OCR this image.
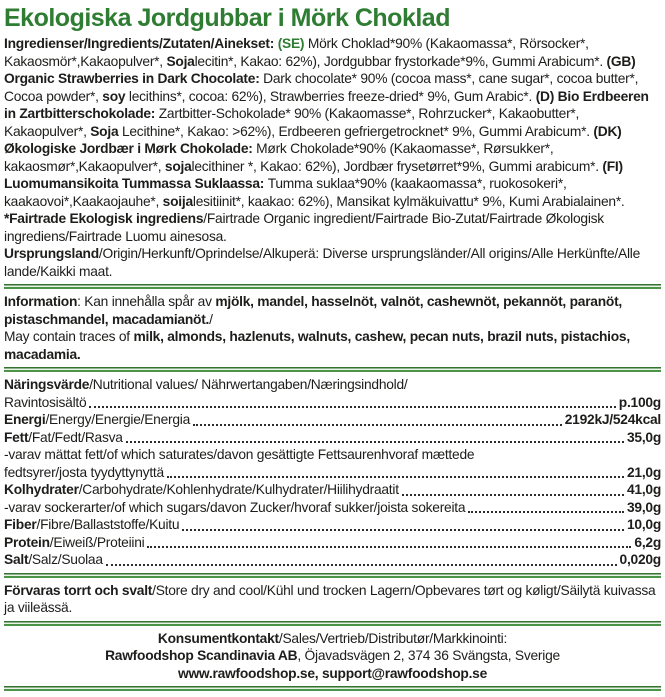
Ekologiska Jordgubbar i Mörk Choklad

Ingredienser/Ingredients/Zutaten/Ainekset: (SE) Mörk Choklad*90% (Kakaomassa*, Rörsocker*, Kakaosmör*,Kakaopulver*, Sojalecitin*, Kakao: 62%), Jordgubbar frystorkade*9%, Gummi Arabicum*. (GB) Organic Strawberries in Dark Chocolate: Dark chocolate* 90% (cocoa mass*, cane sugar*, cocoa butter*, Cocoa powder*, soy lecithins*, cocoa: 62%), Strawberries freeze-dried* 9%, Gum Arabic*. (D) Bio Erdbeeren in Zartbitterschokolade: Zartbitter-Schokolade* 90% (Kakaomasse*, Rohrzucker*, Kakaobutter*, Kakaopulver*, Soja Lecithine*, Kakao: >62%), Erdbeeren gefriergetrocknet* 9%, Gummi Arabicum*. (DK) Økologiske Jordbær i Mørk Chokolade: Mørk Chokolade*90% (Kakaomasse*, Rørsukker*, kakaosmør*,Kakaopulver*, sojalecithiner *, Kakao: 62%), Jordbær frysetørret*9%, Gummi arabicum*. (FI) Luomumansikoita Tummassa Suklaassa: Tumma suklaa*90% (kaakaomassa*, ruokosokeri*, kaakaovoi*,Kaakaojauhe*, soijalesitiinit*, kaakao: 62%), Mansikat kylmäkuivattu* 9%, Kumi Arabialainen*.

*Fairtrade Ekologisk ingrediens/Fairtrade Organic ingredient/Fairtrade Bio-Zutat/Fairtrade Økologisk ingrediens/Fairtrade Luomu ainesosa.

Ursprungsland/Origin/Herkunft/Oprindelse/Alkuperä: Diverse ursprungsländer/All origins/Alle Herkünfte/Alle lande/Kaikki maat.

Information: Kan innehålla spår av mjölk, mandel, hasselnöt, valnöt, cashewnöt, pekannöt, paranöt, pistaschmandel, macadamianöt./
May contain traces of milk, almonds, hazlenuts, walnuts, cashew, pecan nuts, brazil nuts, pistachios, macadamia.

Näringsvärde/Nutritional values/ Nährwertangaben/Næringsindhold/
Ravintosisältö	p.100g
Energi/Energy/Energie/Energia	2192kJ/524kcal
Fett/Fat/Fedt/Rasva	35,0g
-varav mättat fett/of which saturates/davon gesättigte Fettsaurenhvoraf mættede
fedtsyrer/josta tyydyttynyttä	21,0g
Kolhydrater/Carbohydrate/Kohlenhydrate/Kulhydrater/Hiilihydraatit	41,0g
-varav sockerarter/of which sugars/davon Zucker/hvoraf sukker/joista sokereita	39,0g
Fiber/Fibre/Ballaststoffe/Kuitu	10,0g
Protein/Eiweiß/Proteiini	6,2g
Salt/Salz/Suolaa	0,020g

Förvaras torrt och svalt/Store dry and cool/Kühl und trocken Lagern/Opbevares tørt og køligt/Säilytä kuivassa ja viileässä.

Konsumentkontakt/Sales/Vertrieb/Distributør/Markkinointi:
Rawfoodshop Scandinavia AB, Öjavadsvägen 2, 374 36 Svängsta, Sverige
www.rawfoodshop.se, support@rawfoodshop.se
